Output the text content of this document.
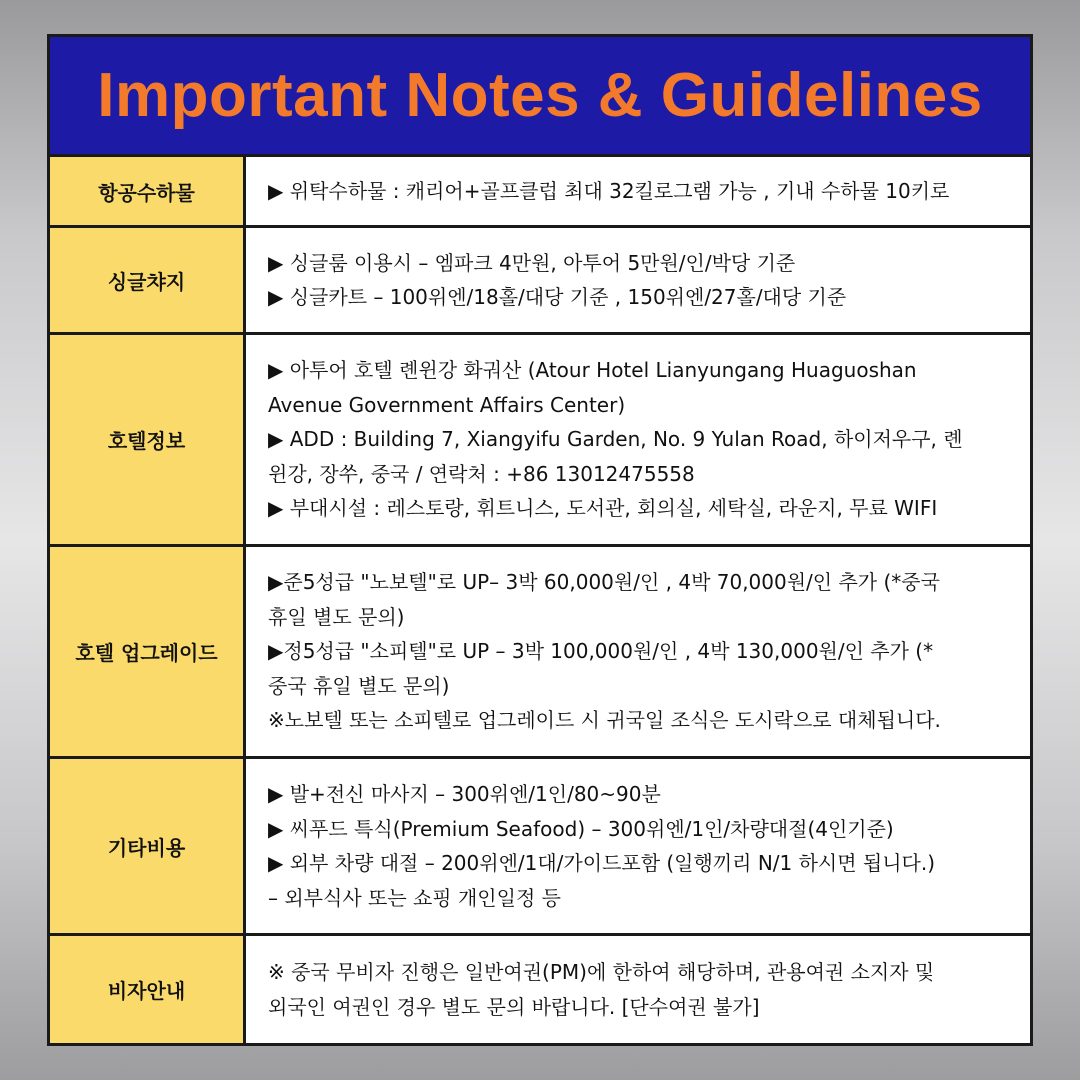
Important Notes & Guidelines
항공수하물	▶ 위탁수하물 : 캐리어+골프클럽 최대 32킬로그램 가능 , 기내 수하물 10키로
싱글챠지
▶ 싱글룸 이용시 – 엠파크 4만원, 아투어 5만원/인/박당 기준
▶ 싱글카트 – 100위엔/18홀/대당 기준 , 150위엔/27홀/대당 기준
호텔정보
▶ 아투어 호텔 롄윈강 화궈산 (Atour Hotel Lianyungang Huaguoshan
Avenue Government Affairs Center)
▶ ADD : Building 7, Xiangyifu Garden, No. 9 Yulan Road, 하이저우구, 롄
윈강, 장쑤, 중국 / 연락처 : +86 13012475558
▶ 부대시설 : 레스토랑, 휘트니스, 도서관, 회의실, 세탁실, 라운지, 무료 WIFI
호텔 업그레이드
▶준5성급 "노보텔"로 UP– 3박 60,000원/인 , 4박 70,000원/인 추가 (*중국
휴일 별도 문의)
▶정5성급 "소피텔"로 UP – 3박 100,000원/인 , 4박 130,000원/인 추가 (*
중국 휴일 별도 문의)
※노보텔 또는 소피텔로 업그레이드 시 귀국일 조식은 도시락으로 대체됩니다.
기타비용
▶ 발+전신 마사지 – 300위엔/1인/80~90분
▶ 씨푸드 특식(Premium Seafood) – 300위엔/1인/차량대절(4인기준)
▶ 외부 차량 대절 – 200위엔/1대/가이드포함 (일행끼리 N/1 하시면 됩니다.)
– 외부식사 또는 쇼핑 개인일정 등
비자안내
※ 중국 무비자 진행은 일반여권(PM)에 한하여 해당하며, 관용여권 소지자 및
외국인 여권인 경우 별도 문의 바랍니다. [단수여권 불가]
